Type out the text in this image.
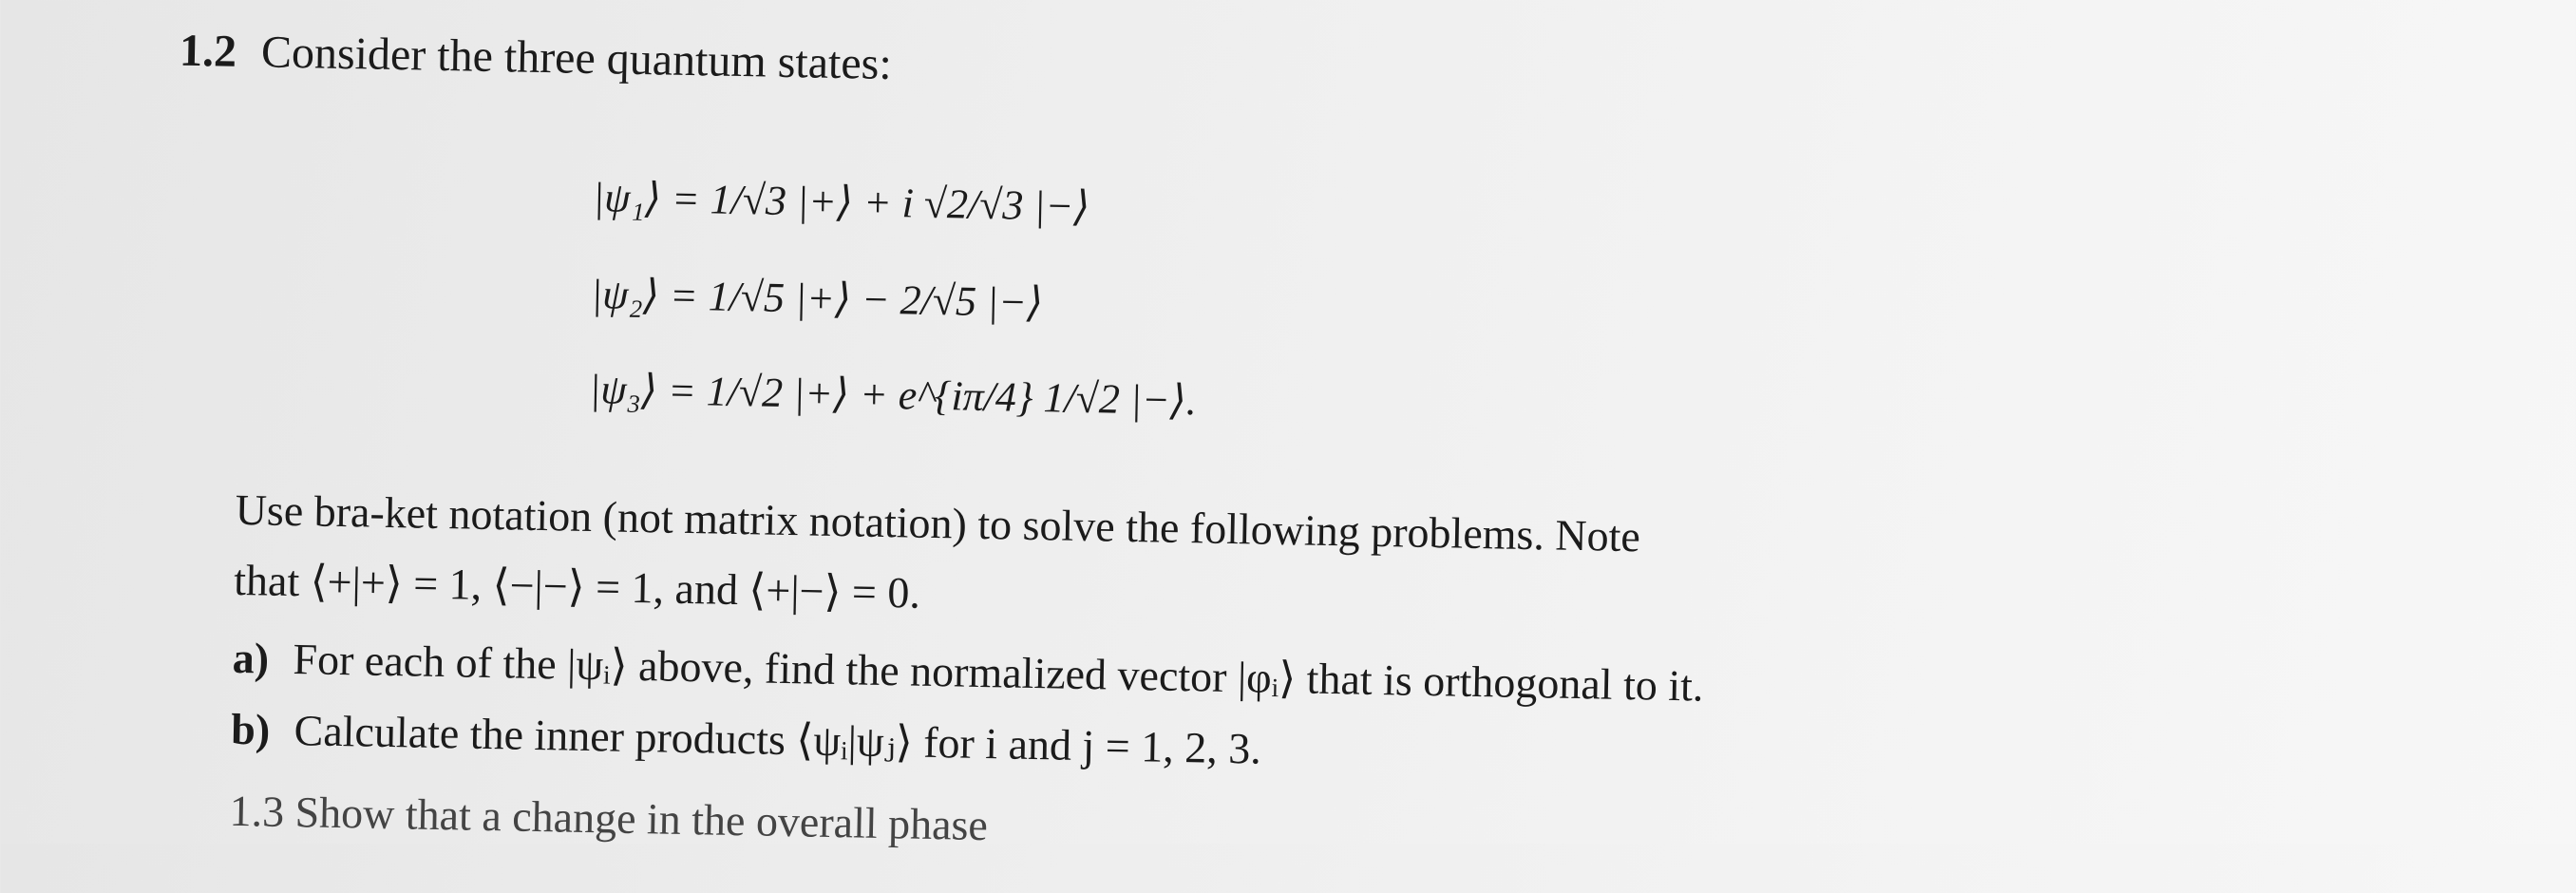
1.2 Consider the three quantum states:
|ψ₁⟩ = 1/√3 |+⟩ + i √2/√3 |−⟩
|ψ₂⟩ = 1/√5 |+⟩ − 2/√5 |−⟩
|ψ₃⟩ = 1/√2 |+⟩ + e^{iπ/4} 1/√2 |−⟩.
Use bra-ket notation (not matrix notation) to solve the following problems. Note
that ⟨+|+⟩ = 1, ⟨−|−⟩ = 1, and ⟨+|−⟩ = 0.
a) For each of the |ψᵢ⟩ above, find the normalized vector |φᵢ⟩ that is orthogonal to it.
b) Calculate the inner products ⟨ψᵢ|ψⱼ⟩ for i and j = 1, 2, 3.
1.3 Show that a change in the overall phase
